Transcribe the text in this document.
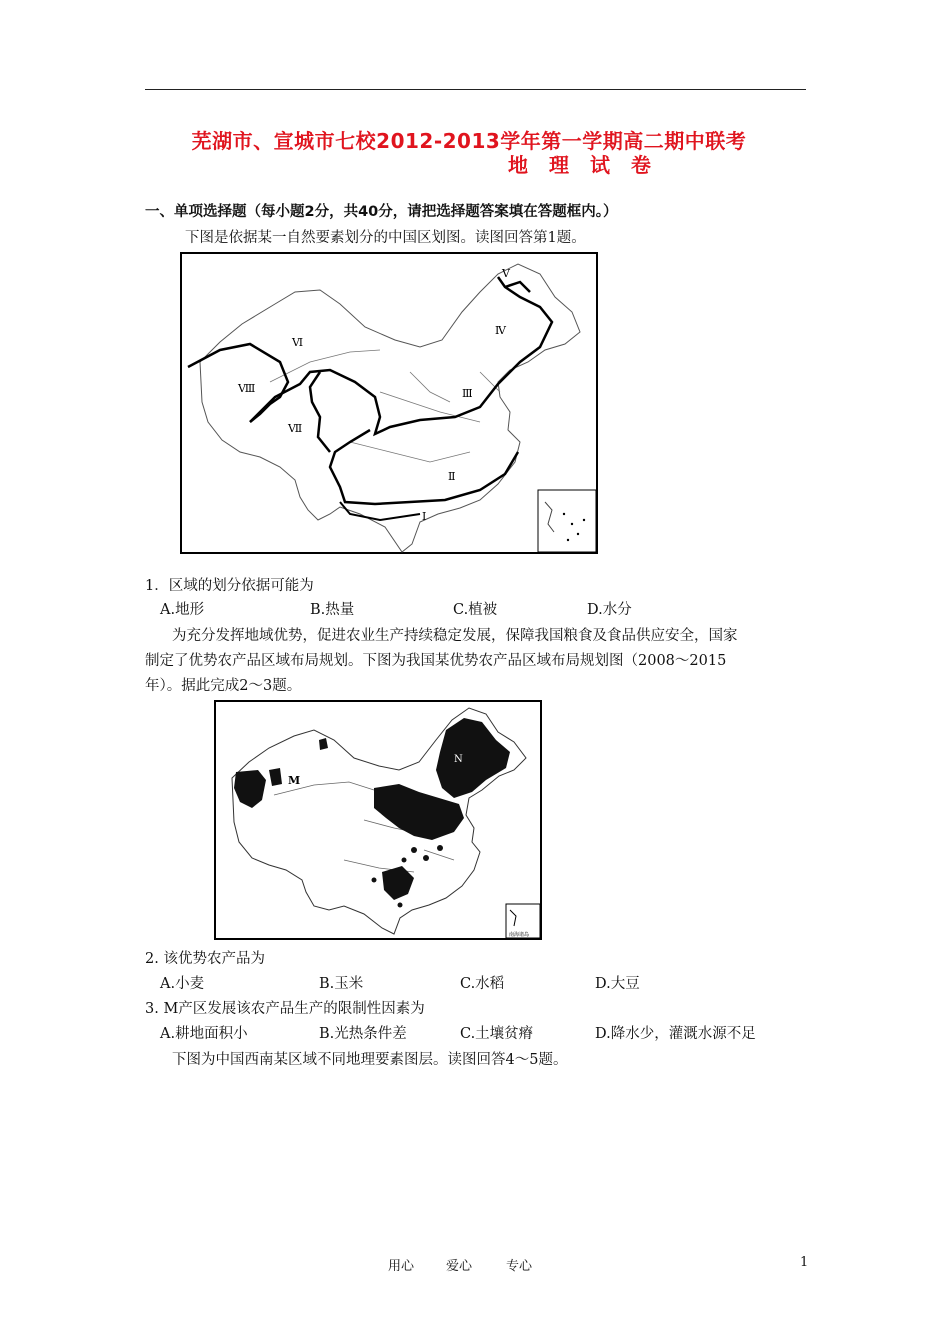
芜湖市、宣城市七校2012-2013学年第一学期高二期中联考
地 理 试 卷
一、单项选择题（每小题2分，共40分，请把选择题答案填在答题框内。）
下图是依据某一自然要素划分的中国区划图。读图回答第1题。
Ⅰ
Ⅱ
Ⅲ
Ⅳ
Ⅴ
Ⅵ
Ⅶ
Ⅷ
1．区域的划分依据可能为
A.地形	B.热量	C.植被	D.水分
为充分发挥地域优势，促进农业生产持续稳定发展，保障我国粮食及食品供应安全，国家
制定了优势农产品区域布局规划。下图为我国某优势农产品区域布局规划图（2008～2015
年）。据此完成2～3题。
南海诸岛
M
N
2. 该优势农产品为
A.小麦	B.玉米	C.水稻	D.大豆
3. M产区发展该农产品生产的限制性因素为
A.耕地面积小	B.光热条件差	C.土壤贫瘠	D.降水少，灌溉水源不足
下图为中国西南某区域不同地理要素图层。读图回答4～5题。
用心 爱心	专心	1
